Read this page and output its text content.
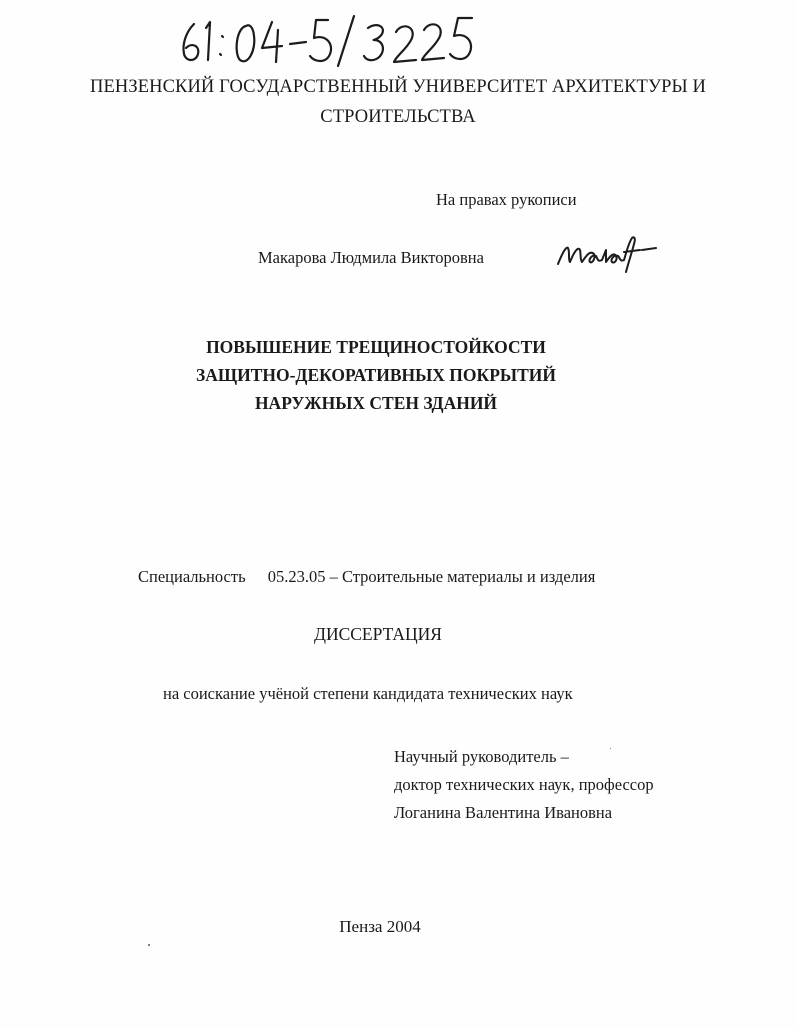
ПЕНЗЕНСКИЙ ГОСУДАРСТВЕННЫЙ УНИВЕРСИТЕТ АРХИТЕКТУРЫ И
СТРОИТЕЛЬСТВА
На правах рукописи
Макарова Людмила Викторовна
ПОВЫШЕНИЕ ТРЕЩИНОСТОЙКОСТИ
ЗАЩИТНО-ДЕКОРАТИВНЫХ ПОКРЫТИЙ
НАРУЖНЫХ СТЕН ЗДАНИЙ
Специальность 05.23.05 – Строительные материалы и изделия
ДИССЕРТАЦИЯ
на соискание учёной степени кандидата технических наук
Научный руководитель –
доктор технических наук, профессор
Логанина Валентина Ивановна
Пенза 2004
